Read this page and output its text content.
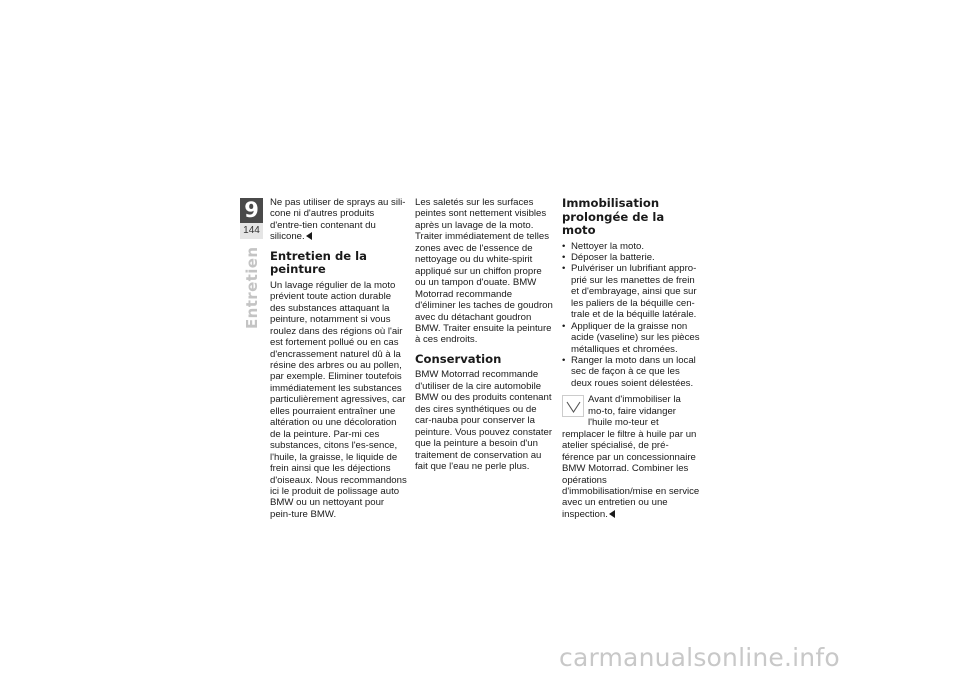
9
144
Entretien

Ne pas utiliser de sprays au sili-cone ni d'autres produits d'entre-tien contenant du silicone.

Entretien de la peinture

Un lavage régulier de la moto prévient toute action durable des substances attaquant la peinture, notamment si vous roulez dans des régions où l'air est fortement pollué ou en cas d'encrassement naturel dû à la résine des arbres ou au pollen, par exemple. Eliminer toutefois immédiatement les substances particulièrement agressives, car elles pourraient entraîner une altération ou une décoloration de la peinture. Par-mi ces substances, citons l'es-sence, l'huile, la graisse, le liquide de frein ainsi que les déjections d'oiseaux. Nous recommandons ici le produit de polissage auto BMW ou un nettoyant pour pein-ture BMW.

Les saletés sur les surfaces peintes sont nettement visibles après un lavage de la moto. Traiter immédiatement de telles zones avec de l'essence de nettoyage ou du white-spirit appliqué sur un chiffon propre ou un tampon d'ouate. BMW Motorrad recommande d'éliminer les taches de goudron avec du détachant goudron BMW. Traiter ensuite la peinture à ces endroits.

Conservation

BMW Motorrad recommande d'utiliser de la cire automobile BMW ou des produits contenant des cires synthétiques ou de car-nauba pour conserver la peinture. Vous pouvez constater que la peinture a besoin d'un traitement de conservation au fait que l'eau ne perle plus.

Immobilisation prolongée de la moto
• Nettoyer la moto.
• Déposer la batterie.
• Pulvériser un lubrifiant appro-prié sur les manettes de frein et d'embrayage, ainsi que sur les paliers de la béquille cen-trale et de la béquille latérale.
• Appliquer de la graisse non acide (vaseline) sur les pièces métalliques et chromées.
• Ranger la moto dans un local sec de façon à ce que les deux roues soient délestées.
Avant d'immobiliser la mo-to, faire vidanger l'huile mo-teur et remplacer le filtre à huile par un atelier spécialisé, de pré-férence par un concessionnaire BMW Motorrad. Combiner les opérations d'immobilisation/mise en service avec un entretien ou une inspection.
carmanualsonline.info
